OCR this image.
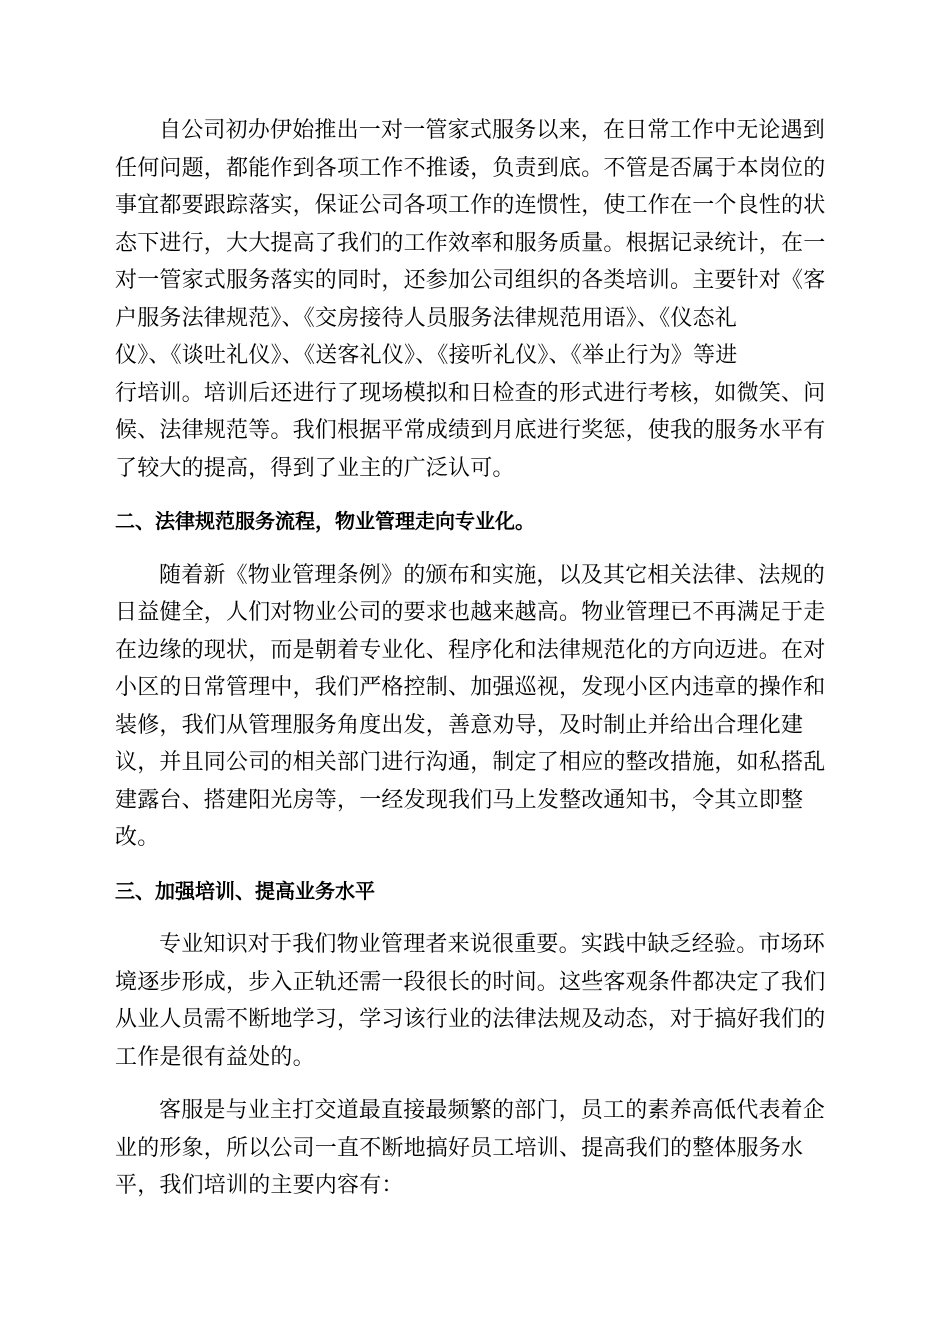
自公司初办伊始推出一对一管家式服务以来，在日常工作中无论遇到
任何问题，都能作到各项工作不推诿，负责到底。不管是否属于本岗位的
事宜都要跟踪落实，保证公司各项工作的连惯性，使工作在一个良性的状
态下进行，大大提高了我们的工作效率和服务质量。根据记录统计，在一
对一管家式服务落实的同时，还参加公司组织的各类培训。主要针对《客
户服务法律规范》、《交房接待人员服务法律规范用语》、《仪态礼
仪》、《谈吐礼仪》、《送客礼仪》、《接听礼仪》、《举止行为》等进
行培训。培训后还进行了现场模拟和日检查的形式进行考核，如微笑、问
候、法律规范等。我们根据平常成绩到月底进行奖惩，使我的服务水平有
了较大的提高，得到了业主的广泛认可。
二、法律规范服务流程，物业管理走向专业化。
随着新《物业管理条例》的颁布和实施，以及其它相关法律、法规的
日益健全，人们对物业公司的要求也越来越高。物业管理已不再满足于走
在边缘的现状，而是朝着专业化、程序化和法律规范化的方向迈进。在对
小区的日常管理中，我们严格控制、加强巡视，发现小区内违章的操作和
装修，我们从管理服务角度出发，善意劝导，及时制止并给出合理化建
议，并且同公司的相关部门进行沟通，制定了相应的整改措施，如私搭乱
建露台、搭建阳光房等，一经发现我们马上发整改通知书，令其立即整
改。
三、加强培训、提高业务水平
专业知识对于我们物业管理者来说很重要。实践中缺乏经验。市场环
境逐步形成，步入正轨还需一段很长的时间。这些客观条件都决定了我们
从业人员需不断地学习，学习该行业的法律法规及动态，对于搞好我们的
工作是很有益处的。
客服是与业主打交道最直接最频繁的部门，员工的素养高低代表着企
业的形象，所以公司一直不断地搞好员工培训、提高我们的整体服务水
平，我们培训的主要内容有：
